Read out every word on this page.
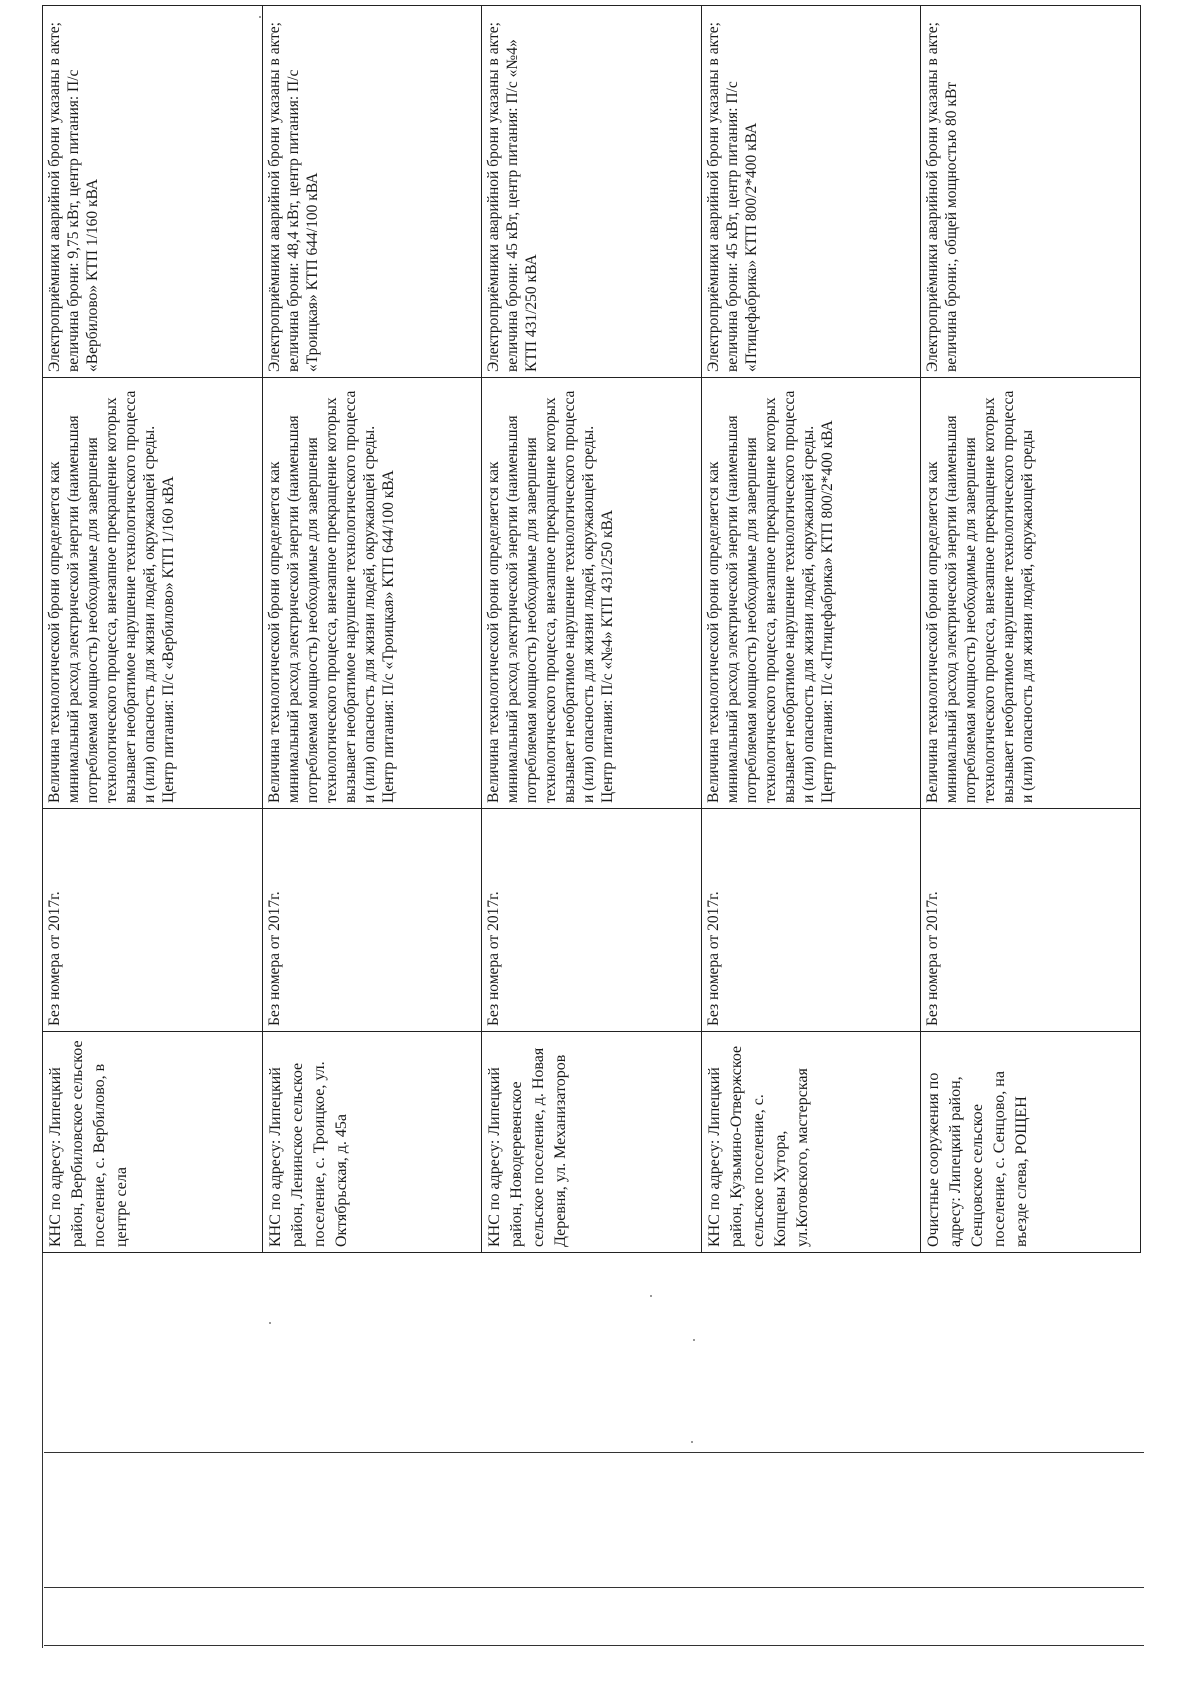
КНС по адресу: Липецкий район, Вербиловское сельское поселение, с. Вербилово, в центре села	Без номера от 2017г.	Величина технологической брони определяется как минимальный расход электрической энергии (наименьшая потребляемая мощность) необходимые для завершения технологического процесса, внезапное прекращение которых вызывает необратимое нарушение технологического процесса и (или) опасность для жизни людей, окружающей среды. Центр питания: П/с «Вербилово» КТП 1/160 кВА	Электроприёмники аварийной брони указаны в акте; величина брони: 9,75 кВт, центр питания: П/с «Вербилово» КТП 1/160 кВА
КНС по адресу: Липецкий район, Ленинское сельское поселение, с. Троицкое, ул. Октябрьская, д. 45а	Без номера от 2017г.	Величина технологической брони определяется как минимальный расход электрической энергии (наименьшая потребляемая мощность) необходимые для завершения технологического процесса, внезапное прекращение которых вызывает необратимое нарушение технологического процесса и (или) опасность для жизни людей, окружающей среды. Центр питания: П/с «Троицкая» КТП 644/100 кВА	Электроприёмники аварийной брони указаны в акте; величина брони: 48,4 кВт, центр питания: П/с «Троицкая» КТП 644/100 кВА
КНС по адресу: Липецкий район, Новодеревенское сельское поселение, д. Новая Деревня, ул. Механизаторов	Без номера от 2017г.	Величина технологической брони определяется как минимальный расход электрической энергии (наименьшая потребляемая мощность) необходимые для завершения технологического процесса, внезапное прекращение которых вызывает необратимое нарушение технологического процесса и (или) опасность для жизни людей, окружающей среды. Центр питания: П/с «№4» КТП 431/250 кВА	Электроприёмники аварийной брони указаны в акте; величина брони: 45 кВт, центр питания: П/с «№4» КТП 431/250 кВА
КНС по адресу: Липецкий район, Кузьмино-Отвержское сельское поселение, с. Копцевы Хутора, ул.Котовского, мастерская	Без номера от 2017г.	Величина технологической брони определяется как минимальный расход электрической энергии (наименьшая потребляемая мощность) необходимые для завершения технологического процесса, внезапное прекращение которых вызывает необратимое нарушение технологического процесса и (или) опасность для жизни людей, окружающей среды. Центр питания: П/с «Птицефабрика» КТП 800/2*400 кВА	Электроприёмники аварийной брони указаны в акте; величина брони: 45 кВт, центр питания: П/с «Птицефабрика» КТП 800/2*400 кВА
Очистные сооружения по адресу: Липецкий район, Сенцовское сельское поселение, с. Сенцово, на въезде слева, РОЩЕН	Без номера от 2017г.	Величина технологической брони определяется как минимальный расход электрической энергии (наименьшая потребляемая мощность) необходимые для завершения технологического процесса, внезапное прекращение которых вызывает необратимое нарушение технологического процесса и (или) опасность для жизни людей, окружающей среды	Электроприёмники аварийной брони указаны в акте; величина брони:, общей мощностью 80 кВт
